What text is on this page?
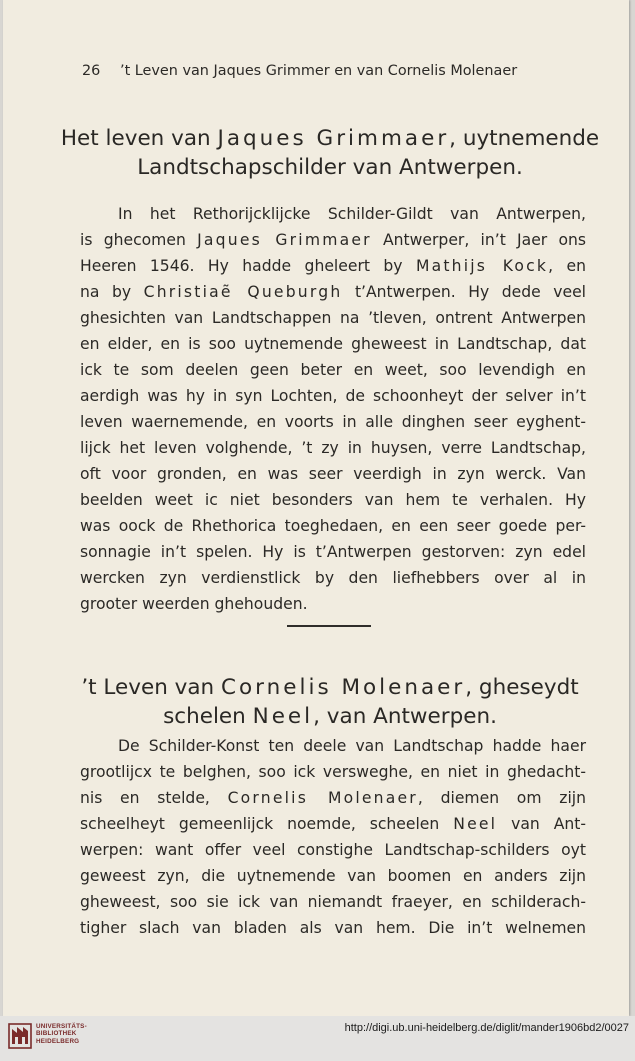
26 ’t Leven van Jaques Grimmer en van Cornelis Molenaer
Het leven van Jaques Grimmaer, uytnemende
Landtschapschilder van Antwerpen.
In het Rethorijcklijcke Schilder-Gildt van Antwerpen,
is ghecomen Jaques Grimmaer Antwerper, in’t Jaer ons
Heeren 1546. Hy hadde gheleert by Mathijs Kock, en
na by Christiaẽ Queburgh t’Antwerpen. Hy dede veel
ghesichten van Landtschappen na ’tleven, ontrent Antwerpen
en elder, en is soo uytnemende gheweest in Landtschap, dat
ick te som deelen geen beter en weet, soo levendigh en
aerdigh was hy in syn Lochten, de schoonheyt der selver in’t
leven waernemende, en voorts in alle dinghen seer eyghent-
lijck het leven volghende, ’t zy in huysen, verre Landtschap,
oft voor gronden, en was seer veerdigh in zyn werck. Van
beelden weet ic niet besonders van hem te verhalen. Hy
was oock de Rhethorica toeghedaen, en een seer goede per-
sonnagie in’t spelen. Hy is t’Antwerpen gestorven: zyn edel
wercken zyn verdienstlick by den liefhebbers over al in
grooter weerden ghehouden.
’t Leven van Cornelis Molenaer, gheseydt
schelen Neel, van Antwerpen.
De Schilder-Konst ten deele van Landtschap hadde haer
grootlijcx te belghen, soo ick versweghe, en niet in ghedacht-
nis en stelde, Cornelis Molenaer, diemen om zijn
scheelheyt gemeenlijck noemde, scheelen Neel van Ant-
werpen: want offer veel constighe Landtschap-schilders oyt
geweest zyn, die uytnemende van boomen en anders zijn
gheweest, soo sie ick van niemandt fraeyer, en schilderach-
tigher slach van bladen als van hem. Die in’t welnemen
UNIVERSITÄTS-
BIBLIOTHEK
HEIDELBERG
http://digi.ub.uni-heidelberg.de/diglit/mander1906bd2/0027
